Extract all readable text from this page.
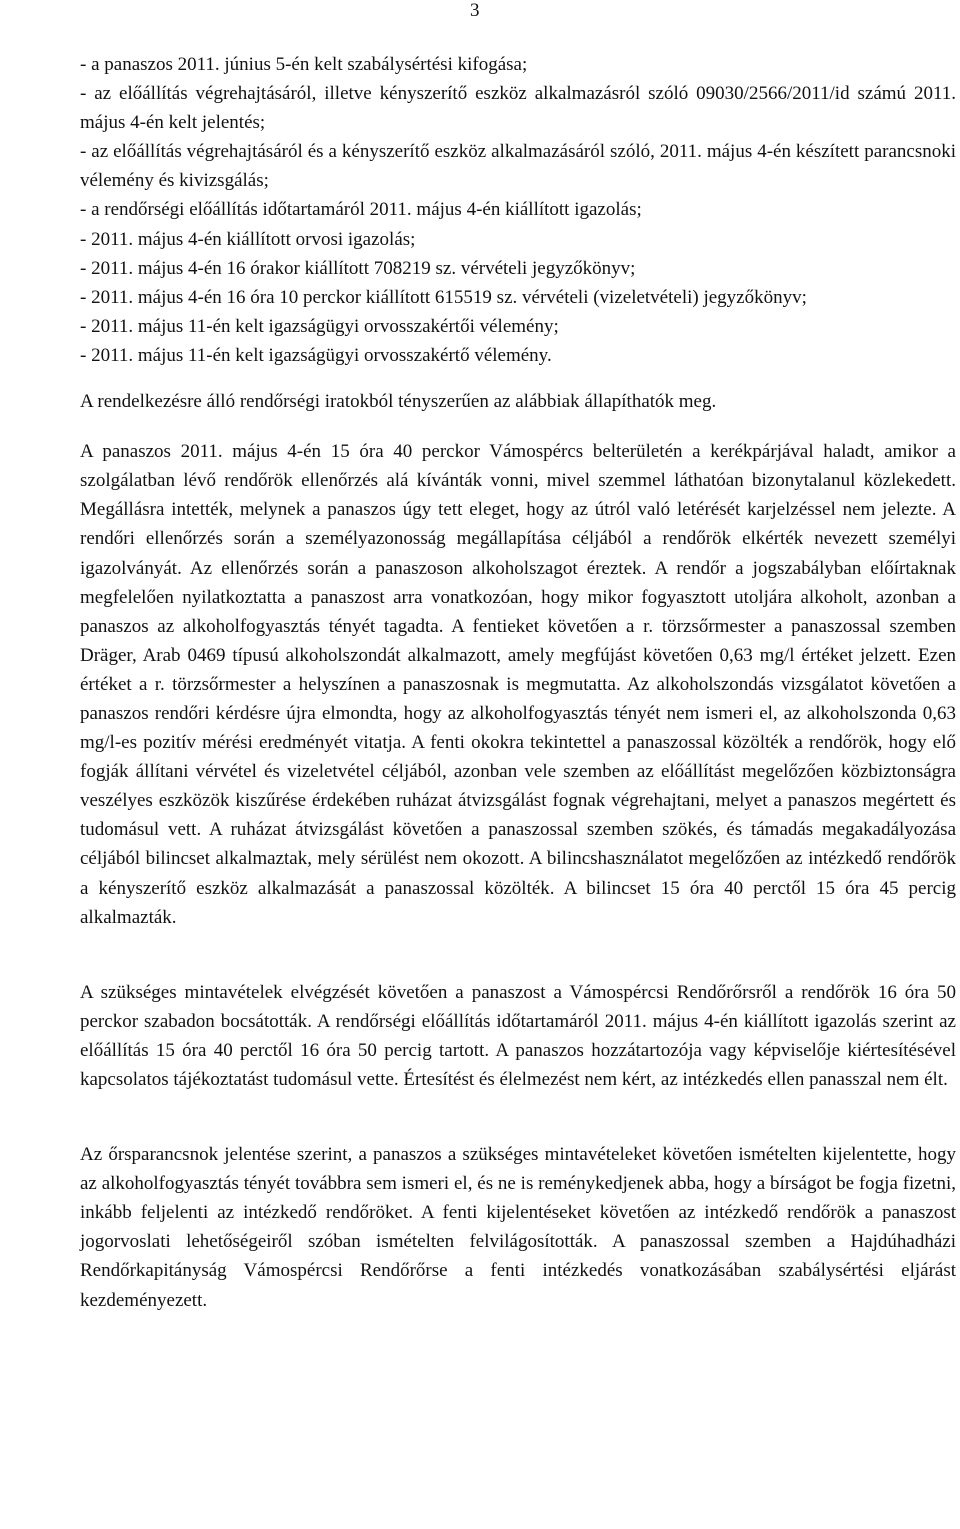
3

- a panaszos 2011. június 5-én kelt szabálysértési kifogása;

- az előállítás végrehajtásáról, illetve kényszerítő eszköz alkalmazásról szóló 09030/2566/2011/id számú 2011. május 4-én kelt jelentés;

- az előállítás végrehajtásáról és a kényszerítő eszköz alkalmazásáról szóló, 2011. május 4-én készített parancsnoki vélemény és kivizsgálás;

- a rendőrségi előállítás időtartamáról 2011. május 4-én kiállított igazolás;

- 2011. május 4-én kiállított orvosi igazolás;

- 2011. május 4-én 16 órakor kiállított 708219 sz. vérvételi jegyzőkönyv;

- 2011. május 4-én 16 óra 10 perckor kiállított 615519 sz. vérvételi (vizeletvételi) jegyzőkönyv;

- 2011. május 11-én kelt igazságügyi orvosszakértői vélemény;

- 2011. május 11-én kelt igazságügyi orvosszakértő vélemény.

A rendelkezésre álló rendőrségi iratokból tényszerűen az alábbiak állapíthatók meg.

A panaszos 2011. május 4-én 15 óra 40 perckor Vámospércs belterületén a kerékpárjával haladt, amikor a szolgálatban lévő rendőrök ellenőrzés alá kívánták vonni, mivel szemmel láthatóan bizonytalanul közlekedett. Megállásra intették, melynek a panaszos úgy tett eleget, hogy az útról való letérését karjelzéssel nem jelezte. A rendőri ellenőrzés során a személyazonosság megállapítása céljából a rendőrök elkérték nevezett személyi igazolványát. Az ellenőrzés során a panaszoson alkoholszagot éreztek. A rendőr a jogszabályban előírtaknak megfelelően nyilatkoztatta a panaszost arra vonatkozóan, hogy mikor fogyasztott utoljára alkoholt, azonban a panaszos az alkoholfogyasztás tényét tagadta. A fentieket követően a r. törzsőrmester a panaszossal szemben Dräger, Arab 0469 típusú alkoholszondát alkalmazott, amely megfújást követően 0,63 mg/l értéket jelzett. Ezen értéket a r. törzsőrmester a helyszínen a panaszosnak is megmutatta. Az alkoholszondás vizsgálatot követően a panaszos rendőri kérdésre újra elmondta, hogy az alkoholfogyasztás tényét nem ismeri el, az alkoholszonda 0,63 mg/l-es pozitív mérési eredményét vitatja. A fenti okokra tekintettel a panaszossal közölték a rendőrök, hogy elő fogják állítani vérvétel és vizeletvétel céljából, azonban vele szemben az előállítást megelőzően közbiztonságra veszélyes eszközök kiszűrése érdekében ruházat átvizsgálást fognak végrehajtani, melyet a panaszos megértett és tudomásul vett. A ruházat átvizsgálást követően a panaszossal szemben szökés, és támadás megakadályozása céljából bilincset alkalmaztak, mely sérülést nem okozott. A bilincshasználatot megelőzően az intézkedő rendőrök a kényszerítő eszköz alkalmazását a panaszossal közölték. A bilincset 15 óra 40 perctől 15 óra 45 percig alkalmazták.

A szükséges mintavételek elvégzését követően a panaszost a Vámospércsi Rendőrőrsről a rendőrök 16 óra 50 perckor szabadon bocsátották. A rendőrségi előállítás időtartamáról 2011. május 4-én kiállított igazolás szerint az előállítás 15 óra 40 perctől 16 óra 50 percig tartott. A panaszos hozzátartozója vagy képviselője kiértesítésével kapcsolatos tájékoztatást tudomásul vette. Értesítést és élelmezést nem kért, az intézkedés ellen panasszal nem élt.

Az őrsparancsnok jelentése szerint, a panaszos a szükséges mintavételeket követően ismételten kijelentette, hogy az alkoholfogyasztás tényét továbbra sem ismeri el, és ne is reménykedjenek abba, hogy a bírságot be fogja fizetni, inkább feljelenti az intézkedő rendőröket. A fenti kijelentéseket követően az intézkedő rendőrök a panaszost jogorvoslati lehetőségeiről szóban ismételten felvilágosították. A panaszossal szemben a Hajdúhadházi Rendőrkapitányság Vámospércsi Rendőrőrse a fenti intézkedés vonatkozásában szabálysértési eljárást kezdeményezett.
